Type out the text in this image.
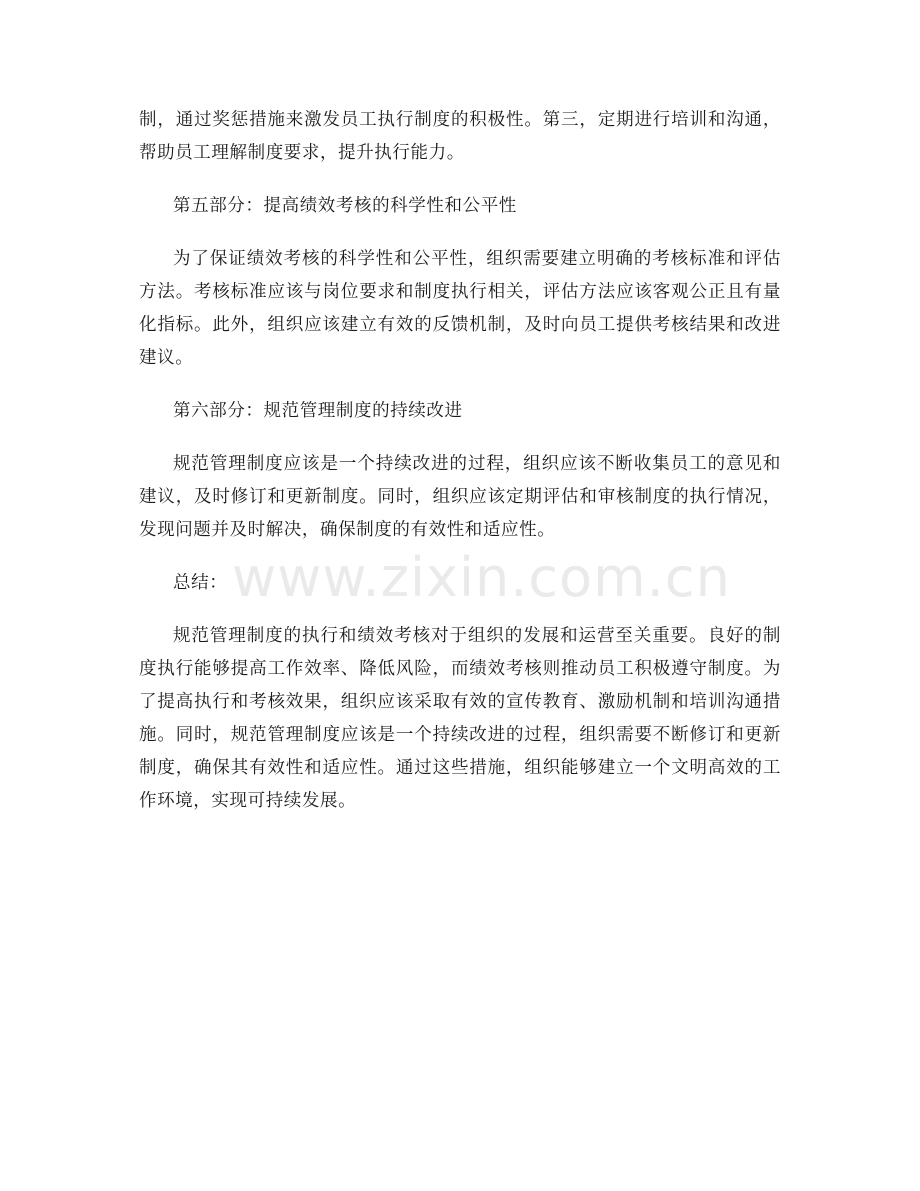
制，通过奖惩措施来激发员工执行制度的积极性。第三，定期进行培训和沟通，帮助员工理解制度要求，提升执行能力。

第五部分：提高绩效考核的科学性和公平性

为了保证绩效考核的科学性和公平性，组织需要建立明确的考核标准和评估方法。考核标准应该与岗位要求和制度执行相关，评估方法应该客观公正且有量化指标。此外，组织应该建立有效的反馈机制，及时向员工提供考核结果和改进建议。

第六部分：规范管理制度的持续改进

规范管理制度应该是一个持续改进的过程，组织应该不断收集员工的意见和建议，及时修订和更新制度。同时，组织应该定期评估和审核制度的执行情况，发现问题并及时解决，确保制度的有效性和适应性。

总结：

规范管理制度的执行和绩效考核对于组织的发展和运营至关重要。良好的制度执行能够提高工作效率、降低风险，而绩效考核则推动员工积极遵守制度。为了提高执行和考核效果，组织应该采取有效的宣传教育、激励机制和培训沟通措施。同时，规范管理制度应该是一个持续改进的过程，组织需要不断修订和更新制度，确保其有效性和适应性。通过这些措施，组织能够建立一个文明高效的工作环境，实现可持续发展。

www.zixin.com.cn
